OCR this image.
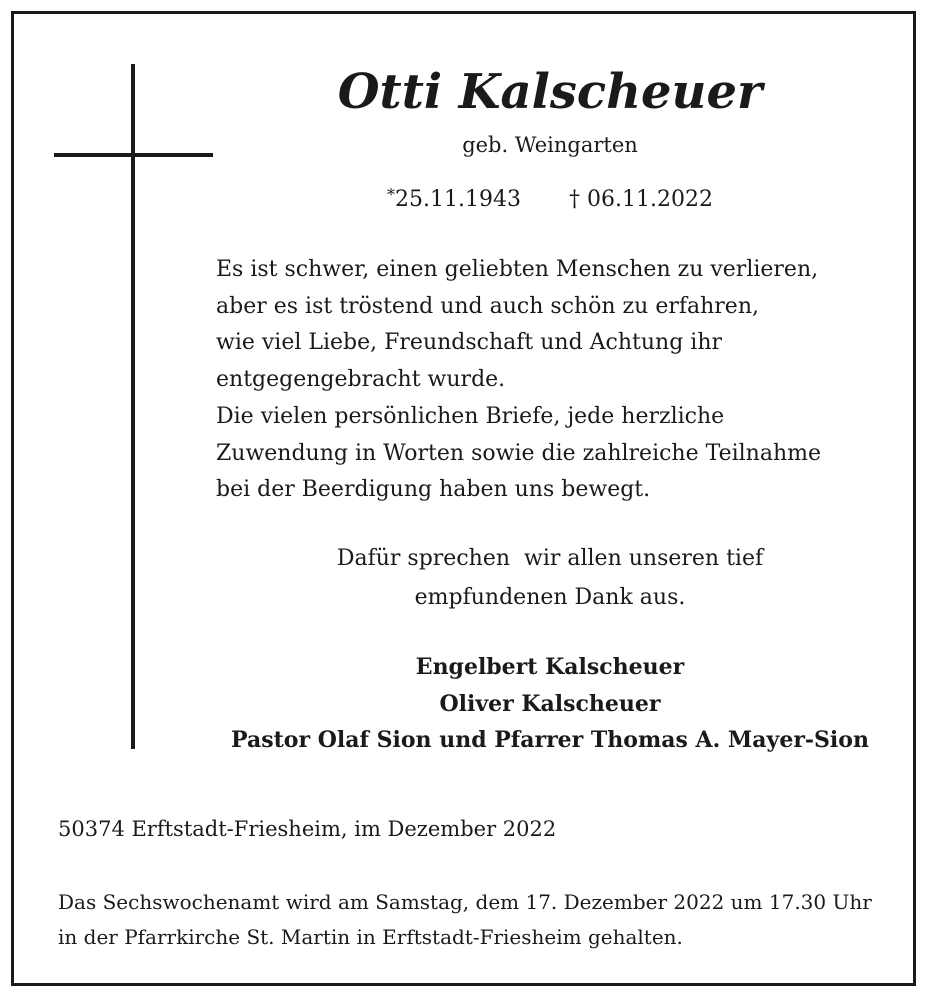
Otti Kalscheuer
geb. Weingarten
*25.11.1943 † 06.11.2022
Es ist schwer, einen geliebten Menschen zu verlieren,
aber es ist tröstend und auch schön zu erfahren,
wie viel Liebe, Freundschaft und Achtung ihr
entgegengebracht wurde.
Die vielen persönlichen Briefe, jede herzliche
Zuwendung in Worten sowie die zahlreiche Teilnahme
bei der Beerdigung haben uns bewegt.
Dafür sprechen  wir allen unseren tief
empfundenen Dank aus.
Engelbert Kalscheuer
Oliver Kalscheuer
Pastor Olaf Sion und Pfarrer Thomas A. Mayer-Sion
50374 Erftstadt-Friesheim, im Dezember 2022
Das Sechswochenamt wird am Samstag, dem 17. Dezember 2022 um 17.30 Uhr
in der Pfarrkirche St. Martin in Erftstadt-Friesheim gehalten.
